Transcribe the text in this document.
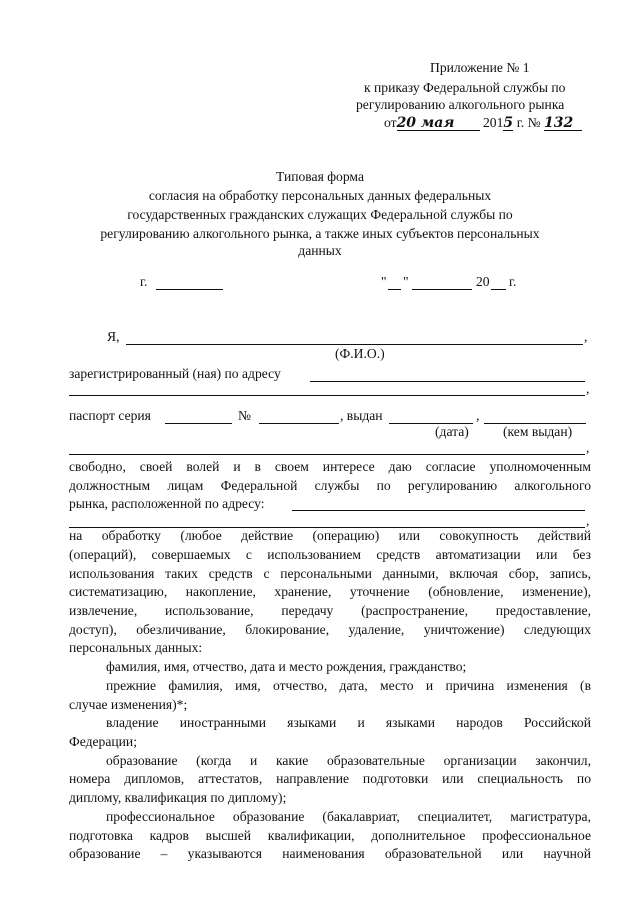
Приложение № 1
к приказу Федеральной службы по
регулированию алкогольного рынка
от20 мая 2015 г. № 132
Типовая форма
согласия на обработку персональных данных федеральных
государственных гражданских служащих Федеральной службы по
регулированию алкогольного рынка, а также иных субъектов персональных
данных
г.	" "	20 г.
Я,	,
(Ф.И.О.)
зарегистрированный (ная) по адресу
,
паспорт серия	№	, выдан	,
(дата)	(кем выдан)
,
свободно, своей волей и в своем интересе даю согласие уполномоченным
должностным лицам Федеральной службы по регулированию алкогольного
рынка, расположенной по адресу:
,
на обработку (любое действие (операцию) или совокупность действий
(операций), совершаемых с использованием средств автоматизации или без
использования таких средств с персональными данными, включая сбор, запись,
систематизацию, накопление, хранение, уточнение (обновление, изменение),
извлечение, использование, передачу (распространение, предоставление,
доступ), обезличивание, блокирование, удаление, уничтожение) следующих
персональных данных:
фамилия, имя, отчество, дата и место рождения, гражданство;
прежние фамилия, имя, отчество, дата, место и причина изменения (в
случае изменения)*;
владение иностранными языками и языками народов Российской
Федерации;
образование (когда и какие образовательные организации закончил,
номера дипломов, аттестатов, направление подготовки или специальность по
диплому, квалификация по диплому);
профессиональное образование (бакалавриат, специалитет, магистратура,
подготовка кадров высшей квалификации, дополнительное профессиональное
образование – указываются наименования образовательной или научной
